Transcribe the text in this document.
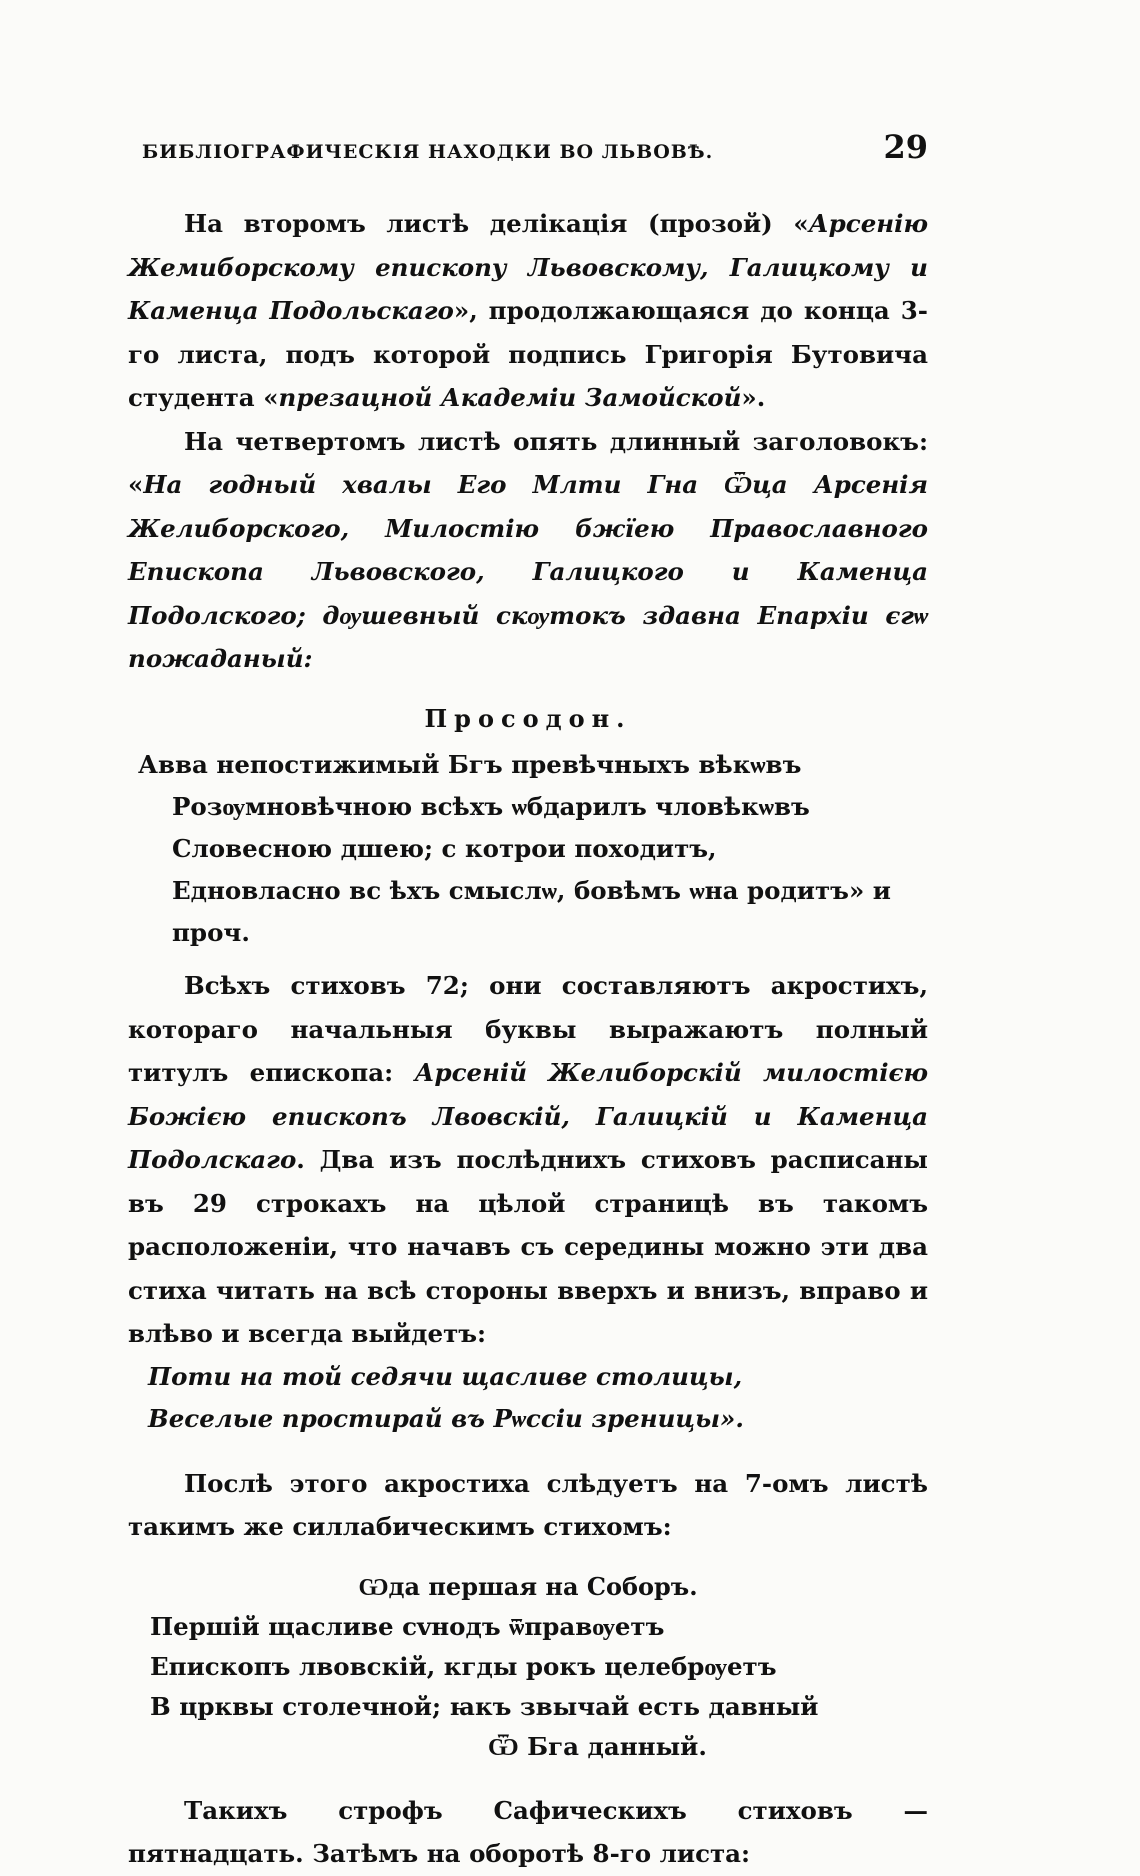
БИБЛІОГРАФИЧЕСКІЯ НАХОДКИ ВО ЛЬВОВѢ.	29

На второмъ листѣ делікація (прозой) «Арсенію Жемиборскому епископу Львовскому, Галицкому и Каменца Подольскаго», продолжающаяся до конца 3-го листа, подъ которой подпись Григорія Бутовича студента «презацной Академіи Замойской».

На четвертомъ листѣ опять длинный заголовокъ: «На годный хвалы Его Млти Гна Ѿца Арсенія Желиборского, Милостію бжїею Православного Епископа Львовского, Галицкого и Каменца Подолского; дѹшевный скѹтокъ здавна Епархіи єгѡ пожаданый:

Просодон.
Авва непостижимый Бгъ превѣчныхъ вѣкѡвъ
Розѹмновѣчною всѣхъ ѡбдарилъ чловѣкѡвъ
Словесною дшею; с котрои походитъ,
Едновласно вс ѣхъ смыслѡ, бовѣмъ ѡна родитъ» и проч.

Всѣхъ стиховъ 72; они составляютъ акростихъ, котораго начальныя буквы выражаютъ полный титулъ епископа: Арсеній Желиборскій милостією Божією епископъ Лвовскій, Галицкій и Каменца Подолскаго. Два изъ послѣднихъ стиховъ расписаны въ 29 строкахъ на цѣлой страницѣ въ такомъ расположеніи, что начавъ съ середины можно эти два стиха читать на всѣ стороны вверхъ и внизъ, вправо и влѣво и всегда выйдетъ:

Поти на той седячи щасливе столицы,
Веселые простирай въ Рѡссіи зреницы».

Послѣ этого акростиха слѣдуетъ на 7-омъ листѣ такимъ же силлабическимъ стихомъ:

Ѡда першая на Соборъ.
Першій щасливе сvнодъ ѿправѹетъ
Епископъ лвовскій, кгды рокъ целебрѹетъ
В црквы столечной; ꙗкъ звычай есть давный
Ѿ Бга данный.

Такихъ строфъ Сафическихъ стиховъ — пятнадцать. Затѣмъ на оборотѣ 8-го листа:
